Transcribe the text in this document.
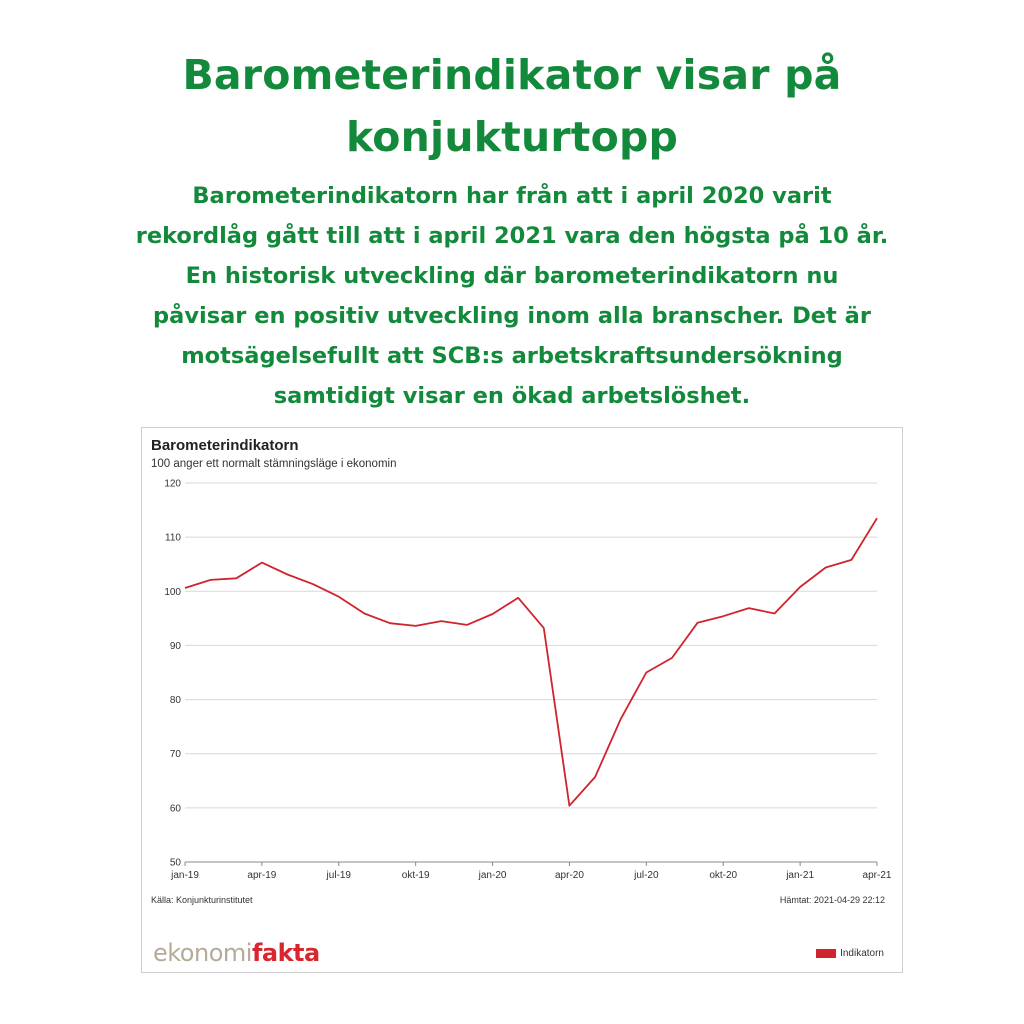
Barometerindikator visar på
konjukturtopp
Barometerindikatorn har från att i april 2020 varit
rekordlåg gått till att i april 2021 vara den högsta på 10 år.
En historisk utveckling där barometerindikatorn nu
påvisar en positiv utveckling inom alla branscher. Det är
motsägelsefullt att SCB:s arbetskraftsundersökning
samtidigt visar en ökad arbetslöshet.
Barometerindikatorn
100 anger ett normalt stämningsläge i ekonomin
50
60
70
80
90
100
110
120
jan-19	apr-19	jul-19	okt-19	jan-20	apr-20	jul-20	okt-20	jan-21	apr-21
Källa: Konjunkturinstitutet	Hämtat: 2021-04-29 22:12
ekonomifakta	Indikatorn
